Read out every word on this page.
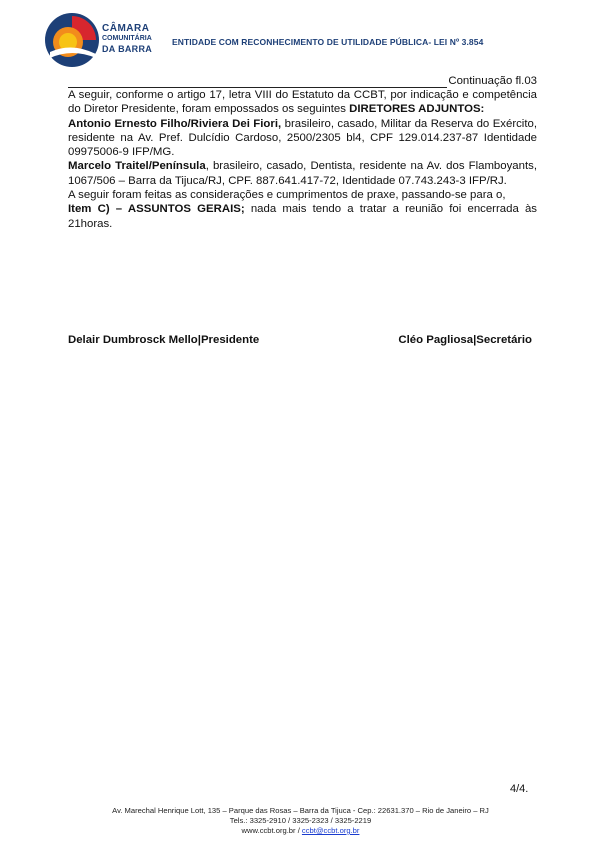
CÂMARA
COMUNITÁRIA
DA BARRA
ENTIDADE COM RECONHECIMENTO DE UTILIDADE PÚBLICA- LEI Nº 3.854
Continuação fl.03

A seguir, conforme o artigo 17, letra VIII do Estatuto da CCBT, por indicação e competência do Diretor Presidente, foram empossados os seguintes DIRETORES ADJUNTOS:

Antonio Ernesto Filho/Riviera Dei Fiori, brasileiro, casado, Militar da Reserva do Exército, residente na Av. Pref. Dulcídio Cardoso, 2500/2305 bl4, CPF 129.014.237-87 Identidade 09975006-9 IFP/MG.

Marcelo Traitel/Península, brasileiro, casado, Dentista, residente na Av. dos Flamboyants, 1067/506 – Barra da Tijuca/RJ, CPF. 887.641.417-72, Identidade 07.743.243-3 IFP/RJ.

A seguir foram feitas as considerações e cumprimentos de praxe, passando-se para o,

Item C) – ASSUNTOS GERAIS; nada mais tendo a tratar a reunião foi encerrada às 21horas.

Delair Dumbrosck Mello|Presidente	Cléo Pagliosa|Secretário
4/4.
Av. Marechal Henrique Lott, 135 – Parque das Rosas – Barra da Tijuca - Cep.: 22631.370 – Rio de Janeiro – RJ
Tels.: 3325-2910 / 3325-2323 / 3325-2219
www.ccbt.org.br / ccbt@ccbt.org.br
